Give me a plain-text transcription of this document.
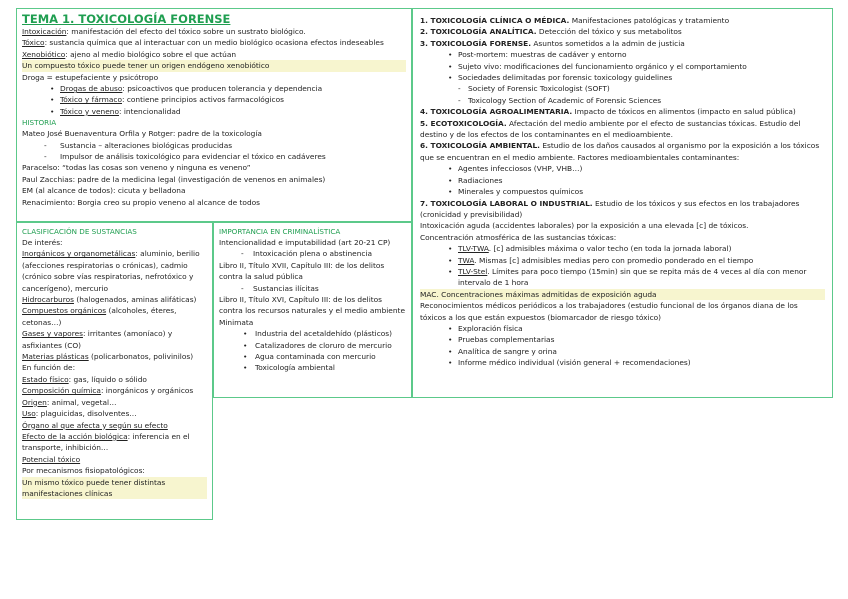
TEMA 1. TOXICOLOGÍA FORENSE

Intoxicación: manifestación del efecto del tóxico sobre un sustrato biológico.

Tóxico: sustancia química que al interactuar con un medio biológico ocasiona efectos indeseables

Xenobiótico: ajeno al medio biológico sobre el que actúan

Un compuesto tóxico puede tener un origen endógeno xenobiótico

Droga = estupefaciente y psicótropo

• Drogas de abuso: psicoactivos que producen tolerancia y dependencia
• Tóxico y fármaco: contiene principios activos farmacológicos
• Tóxico y veneno: intencionalidad

HISTORIA

Mateo José Buenaventura Orfila y Rotger: padre de la toxicología

- Sustancia – alteraciones biológicas producidas
- Impulsor de análisis toxicológico para evidenciar el tóxico en cadáveres

Paracelso: “todas las cosas son veneno y ninguna es veneno”

Paul Zacchias: padre de la medicina legal (investigación de venenos en animales)

EM (al alcance de todos): cicuta y belladona

Renacimiento: Borgia creo su propio veneno al alcance de todos

CLASIFICACIÓN DE SUSTANCIAS

De interés:

Inorgánicos y organometálicas: aluminio, berilio (afecciones respiratorias o crónicas), cadmio (crónico sobre vías respiratorias, nefrotóxico y cancerígeno), mercurio

Hidrocarburos (halogenados, aminas alifáticas)

Compuestos orgánicos (alcoholes, éteres, cetonas…)

Gases y vapores: irritantes (amoníaco) y asfixiantes (CO)

Materias plásticas (policarbonatos, polivinilos)

En función de:

Estado físico: gas, líquido o sólido

Composición química: inorgánicos y orgánicos

Origen: animal, vegetal…

Uso: plaguicidas, disolventes…

Órgano al que afecta y según su efecto

Efecto de la acción biológica: inferencia en el transporte, inhibición…

Potencial tóxico

Por mecanismos fisiopatológicos:

Un mismo tóxico puede tener distintas manifestaciones clínicas

IMPORTANCIA EN CRIMINALÍSTICA

Intencionalidad e imputabilidad (art 20-21 CP)

- Intoxicación plena o abstinencia

Libro II, Título XVII, Capítulo III: de los delitos contra la salud pública

- Sustancias ilícitas

Libro II, Título XVI, Capítulo III: de los delitos contra los recursos naturales y el medio ambiente

Minimata

• Industria del acetaldehído (plásticos)
• Catalizadores de cloruro de mercurio
• Agua contaminada con mercurio
• Toxicología ambiental

1. TOXICOLOGÍA CLÍNICA O MÉDICA. Manifestaciones patológicas y tratamiento

2. TOXICOLOGÍA ANALÍTICA. Detección del tóxico y sus metabolitos

3. TOXICOLOGÍA FORENSE. Asuntos sometidos a la admin de justicia

• Post-mortem: muestras de cadáver y entorno
• Sujeto vivo: modificaciones del funcionamiento orgánico y el comportamiento
• Sociedades delimitadas por forensic toxicology guidelines
- Society of Forensic Toxicologist (SOFT)
- Toxicology Section of Academic of Forensic Sciences

4. TOXICOLOGÍA AGROALIMENTARIA. Impacto de tóxicos en alimentos (impacto en salud pública)

5. ECOTOXICOLOGÍA. Afectación del medio ambiente por el efecto de sustancias tóxicas. Estudio del destino y de los efectos de los contaminantes en el medioambiente.

6. TOXICOLOGÍA AMBIENTAL. Estudio de los daños causados al organismo por la exposición a los tóxicos que se encuentran en el medio ambiente. Factores medioambientales contaminantes:

• Agentes infecciosos (VHP, VHB…)
• Radiaciones
• Minerales y compuestos químicos

7. TOXICOLOGÍA LABORAL O INDUSTRIAL. Estudio de los tóxicos y sus efectos en los trabajadores (cronicidad y previsibilidad)

Intoxicación aguda (accidentes laborales) por la exposición a una elevada [c] de tóxicos.

Concentración atmosférica de las sustancias tóxicas:

• TLV-TWA. [c] admisibles máxima o valor techo (en toda la jornada laboral)
• TWA. Mismas [c] admisibles medias pero con promedio ponderado en el tiempo
• TLV-Stel. Límites para poco tiempo (15min) sin que se repita más de 4 veces al día con menor intervalo de 1 hora

MAC. Concentraciones máximas admitidas de exposición aguda

Reconocimientos médicos periódicos a los trabajadores (estudio funcional de los órganos diana de los tóxicos a los que están expuestos (biomarcador de riesgo tóxico)

• Exploración física
• Pruebas complementarias
• Analítica de sangre y orina
• Informe médico individual (visión general + recomendaciones)
